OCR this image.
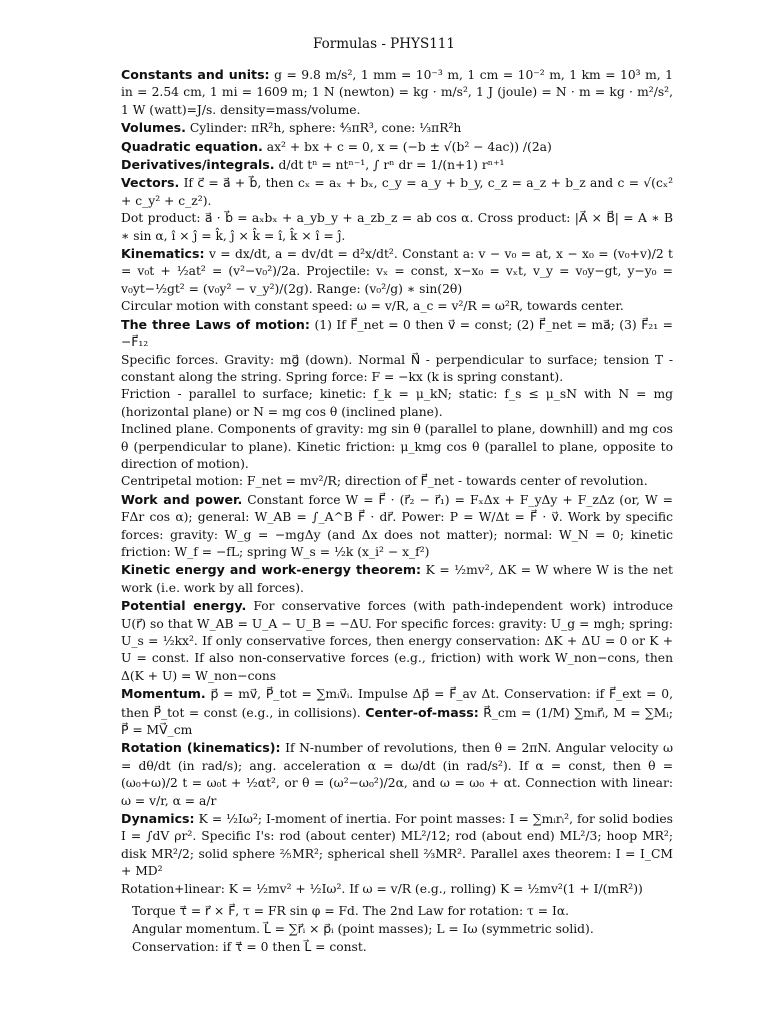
Formulas - PHYS111

Constants and units: g = 9.8 m/s², 1 mm = 10⁻³ m, 1 cm = 10⁻² m, 1 km = 10³ m, 1 in = 2.54 cm, 1 mi = 1609 m; 1 N (newton) = kg · m/s², 1 J (joule) = N · m = kg · m²/s², 1 W (watt)=J/s. density=mass/volume.

Volumes. Cylinder: πR²h, sphere: ⁴⁄₃πR³, cone: ⅓πR²h

Quadratic equation. ax² + bx + c = 0, x = (−b ± √(b² − 4ac)) /(2a)

Derivatives/integrals. d/dt tⁿ = ntⁿ⁻¹, ∫ rⁿ dr = 1/(n+1) rⁿ⁺¹

Vectors. If c⃗ = a⃗ + b⃗, then cₓ = aₓ + bₓ, c_y = a_y + b_y, c_z = a_z + b_z and c = √(cₓ² + c_y² + c_z²).

Dot product: a⃗ · b⃗ = aₓbₓ + a_yb_y + a_zb_z = ab cos α. Cross product: |A⃗ × B⃗| = A ∗ B ∗ sin α, î × ĵ = k̂, ĵ × k̂ = î, k̂ × î = ĵ.

Kinematics: v = dx/dt, a = dv/dt = d²x/dt². Constant a: v − v₀ = at, x − x₀ = (v₀+v)/2 t = v₀t + ½at² = (v²−v₀²)/2a. Projectile: vₓ = const, x−x₀ = vₓt, v_y = v₀y−gt, y−y₀ = v₀yt−½gt² = (v₀y² − v_y²)/(2g). Range: (v₀²/g) ∗ sin(2θ)

Circular motion with constant speed: ω = v/R, a_c = v²/R = ω²R, towards center.

The three Laws of motion: (1) If F⃗_net = 0 then v⃗ = const; (2) F⃗_net = ma⃗; (3) F⃗₂₁ = −F⃗₁₂

Specific forces. Gravity: mg⃗ (down). Normal N⃗ - perpendicular to surface; tension T - constant along the string. Spring force: F = −kx (k is spring constant).

Friction - parallel to surface; kinetic: f_k = μ_kN; static: f_s ≤ μ_sN with N = mg (horizontal plane) or N = mg cos θ (inclined plane).

Inclined plane. Components of gravity: mg sin θ (parallel to plane, downhill) and mg cos θ (perpendicular to plane). Kinetic friction: μ_kmg cos θ (parallel to plane, opposite to direction of motion).

Centripetal motion: F_net = mv²/R; direction of F⃗_net - towards center of revolution.

Work and power. Constant force W = F⃗ · (r⃗₂ − r⃗₁) = FₓΔx + F_yΔy + F_zΔz (or, W = FΔr cos α); general: W_AB = ∫_A^B F⃗ · dr⃗. Power: P = W/Δt = F⃗ · v⃗. Work by specific forces: gravity: W_g = −mgΔy (and Δx does not matter); normal: W_N = 0; kinetic friction: W_f = −fL; spring W_s = ½k (x_i² − x_f²)

Kinetic energy and work-energy theorem: K = ½mv², ΔK = W where W is the net work (i.e. work by all forces).

Potential energy. For conservative forces (with path-independent work) introduce U(r⃗) so that W_AB = U_A − U_B = −ΔU. For specific forces: gravity: U_g = mgh; spring: U_s = ½kx². If only conservative forces, then energy conservation: ΔK + ΔU = 0 or K + U = const. If also non-conservative forces (e.g., friction) with work W_non−cons, then Δ(K + U) = W_non−cons

Momentum. p⃗ = mv⃗, P⃗_tot = ∑mᵢv⃗ᵢ. Impulse Δp⃗ = F⃗_av Δt. Conservation: if F⃗_ext = 0, then P⃗_tot = const (e.g., in collisions). Center-of-mass: R⃗_cm = (1/M) ∑mᵢr⃗ᵢ, M = ∑Mᵢ; P⃗ = MV⃗_cm

Rotation (kinematics): If N-number of revolutions, then θ = 2πN. Angular velocity ω = dθ/dt (in rad/s); ang. acceleration α = dω/dt (in rad/s²). If α = const, then θ = (ω₀+ω)/2 t = ω₀t + ½αt², or θ = (ω²−ω₀²)/2α, and ω = ω₀ + αt. Connection with linear: ω = v/r, α = a/r

Dynamics: K = ½Iω²; I-moment of inertia. For point masses: I = ∑mᵢrᵢ², for solid bodies I = ∫dV ρr². Specific I's: rod (about center) ML²/12; rod (about end) ML²/3; hoop MR²; disk MR²/2; solid sphere ⅖MR²; spherical shell ⅔MR². Parallel axes theorem: I = I_CM + MD²

Rotation+linear: K = ½mv² + ½Iω². If ω = v/R (e.g., rolling) K = ½mv²(1 + I/(mR²))

Torque τ⃗ = r⃗ × F⃗, τ = FR sin φ = Fd. The 2nd Law for rotation: τ = Iα.

Angular momentum. L⃗ = ∑r⃗ᵢ × p⃗ᵢ (point masses); L = Iω (symmetric solid). Conservation: if τ⃗ = 0 then L⃗ = const.
